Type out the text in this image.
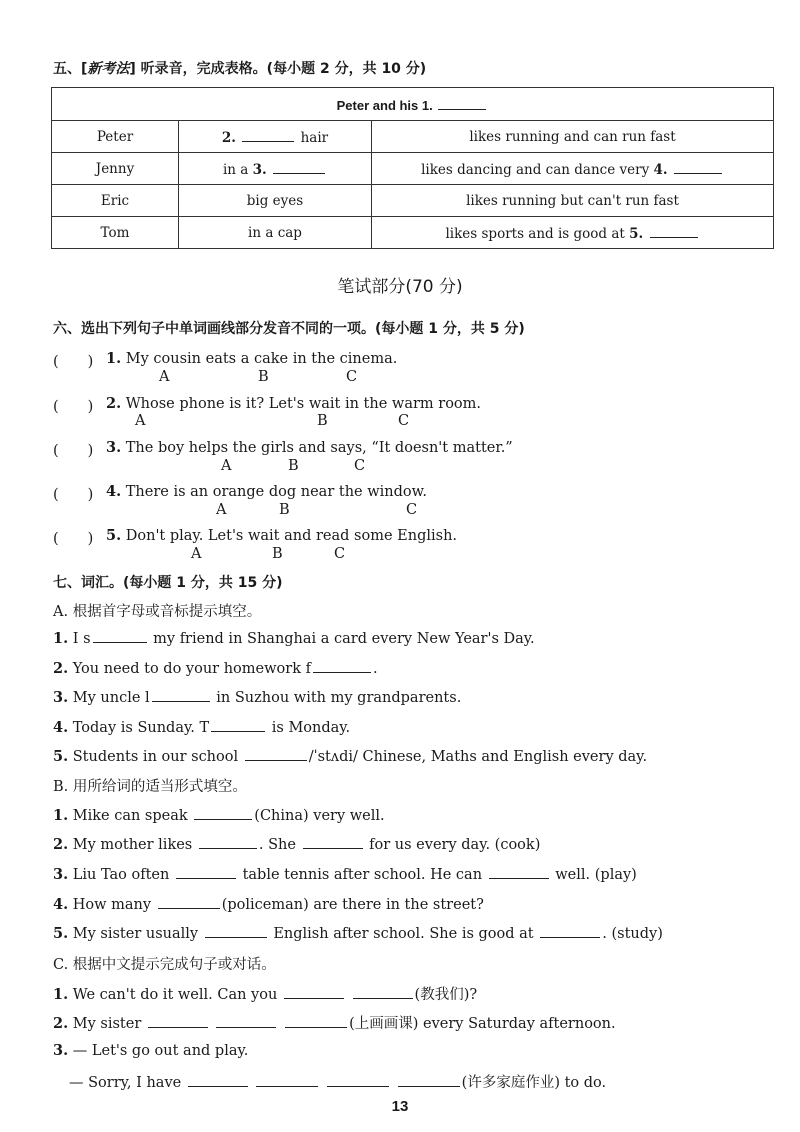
五、[新考法] 听录音，完成表格。(每小题 2 分，共 10 分)
Peter and his 1.		
Peter	2. hair	likes running and can run fast
Jenny	in a 3.	likes dancing and can dance very 4.
Eric	big eyes	likes running but can't run fast
Tom	in a cap	likes sports and is good at 5.
笔试部分(70 分)
六、选出下列句子中单词画线部分发音不同的一项。(每小题 1 分，共 5 分)
(　　) 1. My cousin eats a cake in the cinema.
A	B	C
(　　) 2. Whose phone is it? Let's wait in the warm room.
A	B	C
(　　) 3. The boy helps the girls and says, “It doesn't matter.”
A	B	C
(　　) 4. There is an orange dog near the window.
A	B	C
(　　) 5. Don't play. Let's wait and read some English.
A	B	C
七、词汇。(每小题 1 分，共 15 分)
A. 根据首字母或音标提示填空。
1. I s	my friend in Shanghai a card every New Year's Day.
2. You need to do your homework f	.
3. My uncle l	in Suzhou with my grandparents.
4. Today is Sunday. T	is Monday.
5. Students in our school	/ˈstʌdi/ Chinese, Maths and English every day.
B. 用所给词的适当形式填空。
1. Mike can speak	(China) very well.
2. My mother likes	. She	for us every day. (cook)
3. Liu Tao often	table tennis after school. He can	well. (play)
4. How many	(policeman) are there in the street?
5. My sister usually	English after school. She is good at	. (study)
C. 根据中文提示完成句子或对话。
1. We can't do it well. Can you	(教我们)?
2. My sister	(上画画课) every Saturday afternoon.
3. — Let's go out and play.
— Sorry, I have	(许多家庭作业) to do.
13
